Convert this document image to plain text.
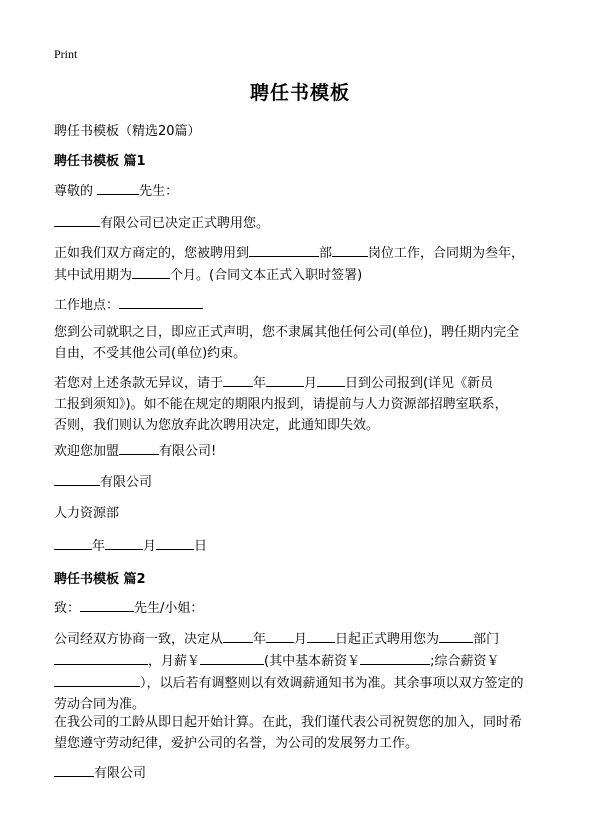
Print
聘任书模板
聘任书模板（精选20篇）
聘任书模板 篇1
尊敬的	先生：
有限公司已决定正式聘用您。
正如我们双方商定的，您被聘用到	部	岗位工作，合同期为叁年，
其中试用期为	个月。(合同文本正式入职时签署)
工作地点：
您到公司就职之日，即应正式声明，您不隶属其他任何公司(单位)，聘任期内完全
自由，不受其他公司(单位)约束。
若您对上述条款无异议，请于 年	月 日到公司报到(详见《新员
工报到须知》)。如不能在规定的期限内报到，请提前与人力资源部招聘室联系，
否则，我们则认为您放弃此次聘用决定，此通知即失效。
欢迎您加盟	有限公司!
有限公司
人力资源部
年	月	日
聘任书模板 篇2
致：	先生/小姐：
公司经双方协商一致，决定从 年 月 日起正式聘用您为	部门
，月薪￥	(其中基本薪资￥	;综合薪资￥
），以后若有调整则以有效调薪通知书为准。其余事项以双方签定的
劳动合同为准。
在我公司的工龄从即日起开始计算。在此，我们谨代表公司祝贺您的加入，同时希
望您遵守劳动纪律，爱护公司的名誉，为公司的发展努力工作。
有限公司
